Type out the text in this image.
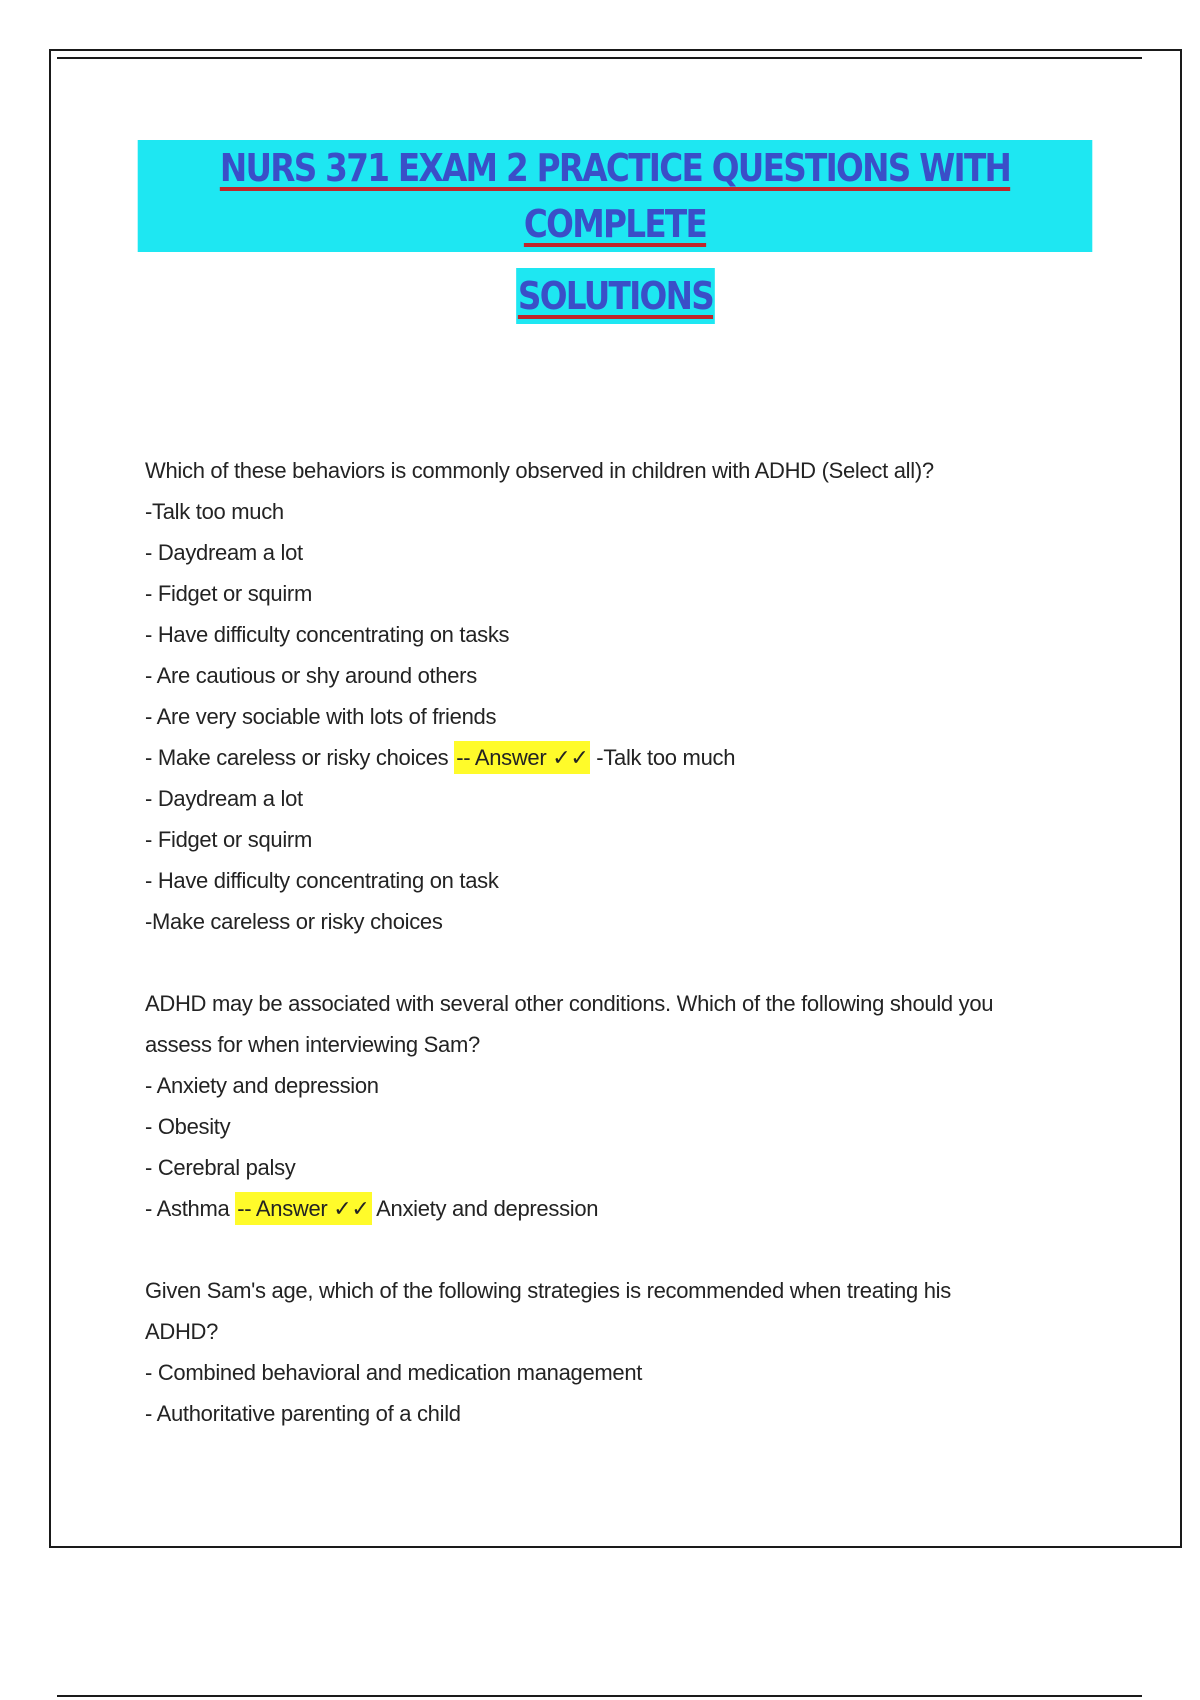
NURS 371 EXAM 2 PRACTICE QUESTIONS WITH COMPLETE
SOLUTIONS
Which of these behaviors is commonly observed in children with ADHD (Select all)?
-Talk too much
- Daydream a lot
- Fidget or squirm
- Have difficulty concentrating on tasks
- Are cautious or shy around others
- Are very sociable with lots of friends
- Make careless or risky choices -- Answer ✓✓ -Talk too much
- Daydream a lot
- Fidget or squirm
- Have difficulty concentrating on task
-Make careless or risky choices
ADHD may be associated with several other conditions. Which of the following should you
assess for when interviewing Sam?
- Anxiety and depression
- Obesity
- Cerebral palsy
- Asthma -- Answer ✓✓ Anxiety and depression
Given Sam's age, which of the following strategies is recommended when treating his
ADHD?
- Combined behavioral and medication management
- Authoritative parenting of a child
